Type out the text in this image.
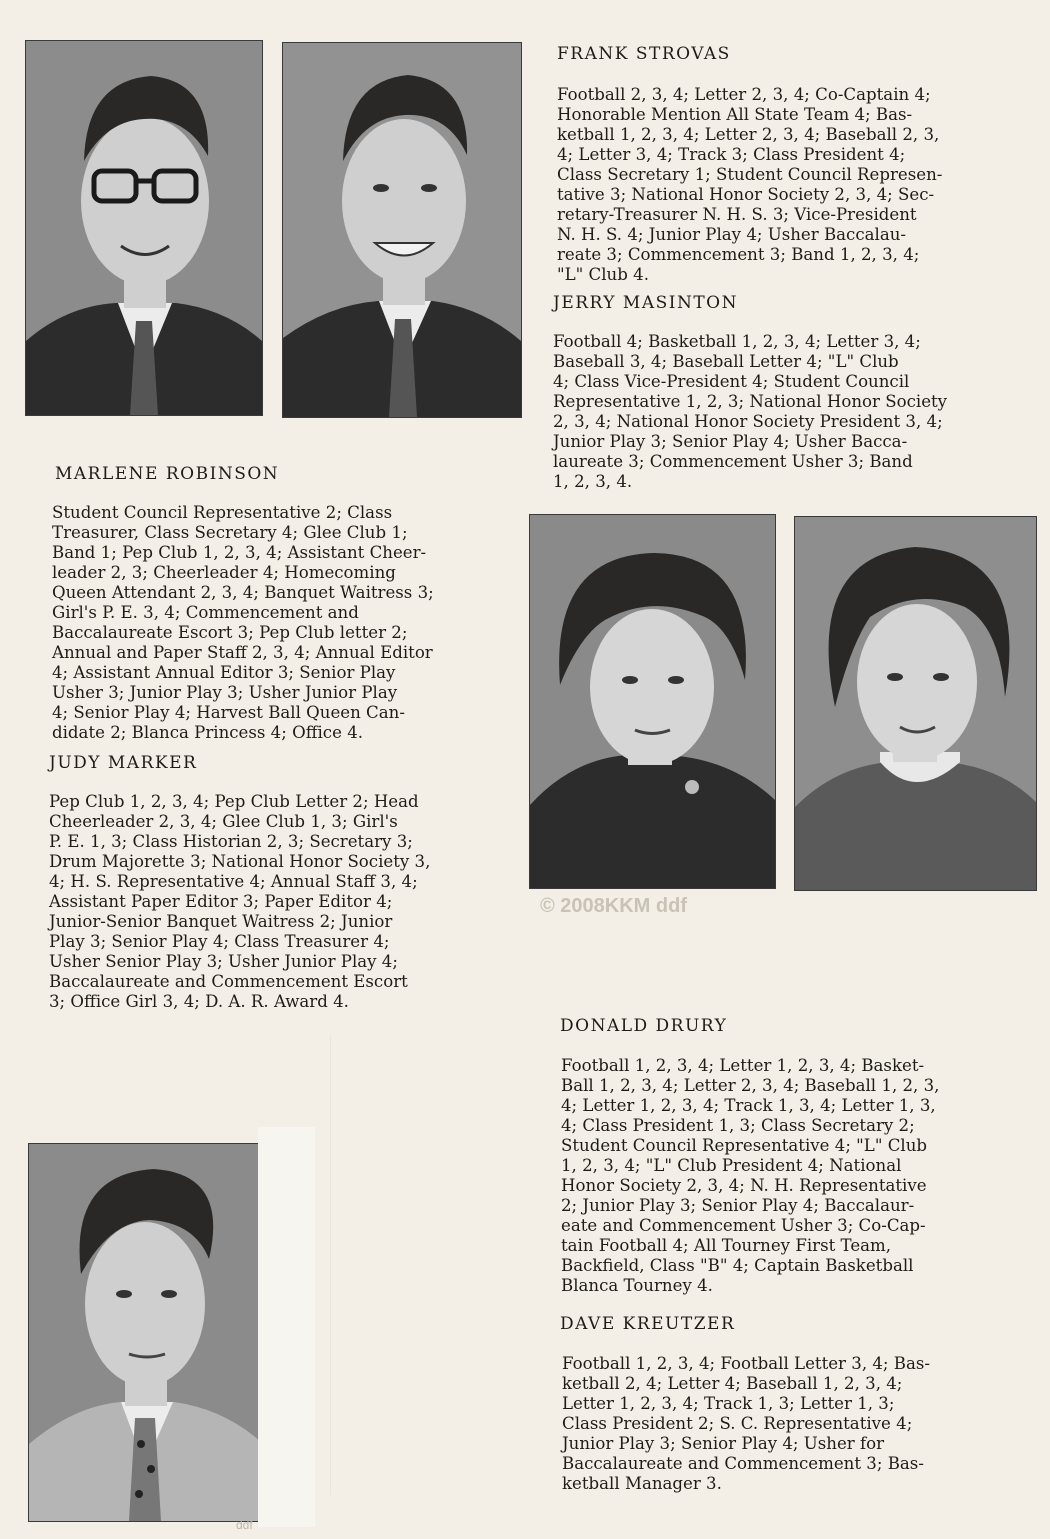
FRANK STROVAS

Football 2, 3, 4; Letter 2, 3, 4; Co-Captain 4;

Honorable Mention All State Team 4; Bas-

ketball 1, 2, 3, 4; Letter 2, 3, 4; Baseball 2, 3,

4; Letter 3, 4; Track 3; Class President 4;

Class Secretary 1; Student Council Represen-

tative 3; National Honor Society 2, 3, 4; Sec-

retary-Treasurer N. H. S. 3; Vice-President

N. H. S. 4; Junior Play 4; Usher Baccalau-

reate 3; Commencement 3; Band 1, 2, 3, 4;

"L" Club 4.

JERRY MASINTON

Football 4; Basketball 1, 2, 3, 4; Letter 3, 4;

Baseball 3, 4; Baseball Letter 4; "L" Club

4; Class Vice-President 4; Student Council

Representative 1, 2, 3; National Honor Society

2, 3, 4; National Honor Society President 3, 4;

Junior Play 3; Senior Play 4; Usher Bacca-

laureate 3; Commencement Usher 3; Band

1, 2, 3, 4.

MARLENE ROBINSON

Student Council Representative 2; Class

Treasurer, Class Secretary 4; Glee Club 1;

Band 1; Pep Club 1, 2, 3, 4; Assistant Cheer-

leader 2, 3; Cheerleader 4; Homecoming

Queen Attendant 2, 3, 4; Banquet Waitress 3;

Girl's P. E. 3, 4; Commencement and

Baccalaureate Escort 3; Pep Club letter 2;

Annual and Paper Staff 2, 3, 4; Annual Editor

4; Assistant Annual Editor 3; Senior Play

Usher 3; Junior Play 3; Usher Junior Play

4; Senior Play 4; Harvest Ball Queen Can-

didate 2; Blanca Princess 4; Office 4.

JUDY MARKER

Pep Club 1, 2, 3, 4; Pep Club Letter 2; Head

Cheerleader 2, 3, 4; Glee Club 1, 3; Girl's

P. E. 1, 3; Class Historian 2, 3; Secretary 3;

Drum Majorette 3; National Honor Society 3,

4; H. S. Representative 4; Annual Staff 3, 4;

Assistant Paper Editor 3; Paper Editor 4;

Junior-Senior Banquet Waitress 2; Junior

Play 3; Senior Play 4; Class Treasurer 4;

Usher Senior Play 3; Usher Junior Play 4;

Baccalaureate and Commencement Escort

3; Office Girl 3, 4; D. A. R. Award 4.

© 2008KKM ddf
DONALD DRURY

Football 1, 2, 3, 4; Letter 1, 2, 3, 4; Basket-

Ball 1, 2, 3, 4; Letter 2, 3, 4; Baseball 1, 2, 3,

4; Letter 1, 2, 3, 4; Track 1, 3, 4; Letter 1, 3,

4; Class President 1, 3; Class Secretary 2;

Student Council Representative 4; "L" Club

1, 2, 3, 4; "L" Club President 4; National

Honor Society 2, 3, 4; N. H. Representative

2; Junior Play 3; Senior Play 4; Baccalaur-

eate and Commencement Usher 3; Co-Cap-

tain Football 4; All Tourney First Team,

Backfield, Class "B" 4; Captain Basketball

Blanca Tourney 4.

DAVE KREUTZER

Football 1, 2, 3, 4; Football Letter 3, 4; Bas-

ketball 2, 4; Letter 4; Baseball 1, 2, 3, 4;

Letter 1, 2, 3, 4; Track 1, 3; Letter 1, 3;

Class President 2; S. C. Representative 4;

Junior Play 3; Senior Play 4; Usher for

Baccalaureate and Commencement 3; Bas-

ketball Manager 3.

ddf
